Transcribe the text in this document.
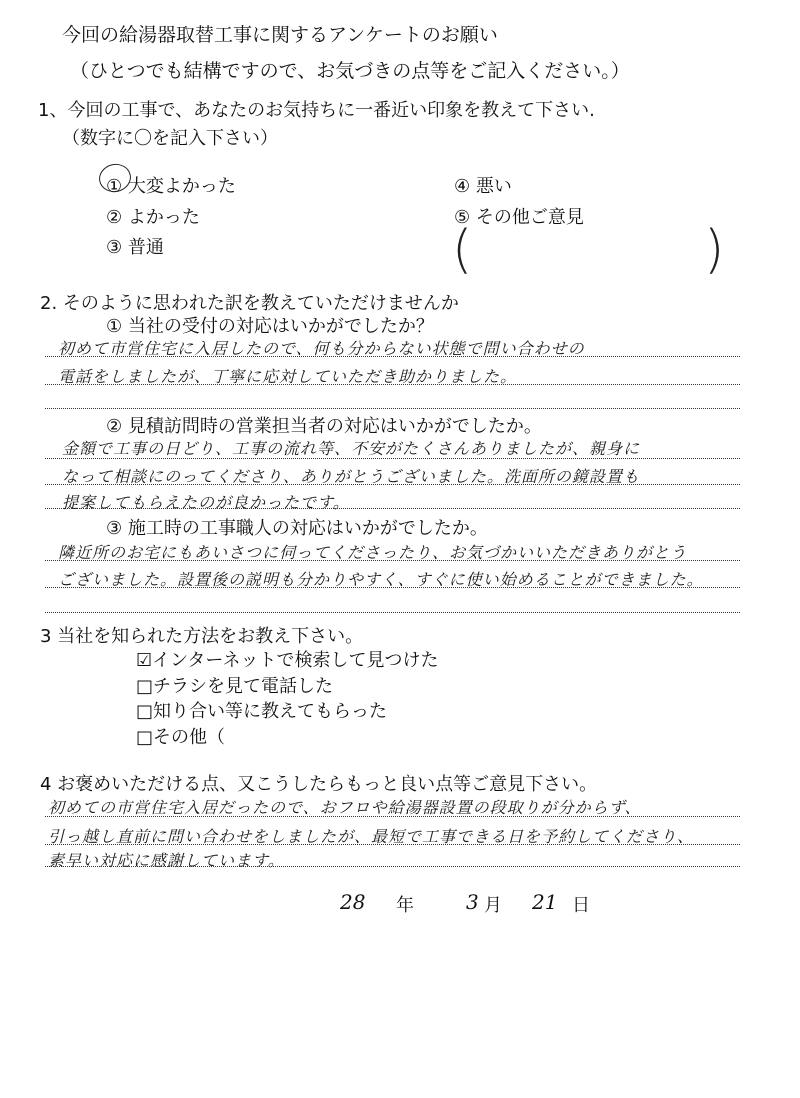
今回の給湯器取替工事に関するアンケートのお願い
（ひとつでも結構ですので、お気づきの点等をご記入ください。）
1、今回の工事で、あなたのお気持ちに一番近い印象を教えて下さい.
（数字に〇を記入下さい）
① 大変よかった
② よかった
③ 普通
④ 悪い
⑤ その他ご意見
(	)
2. そのように思われた訳を教えていただけませんか
① 当社の受付の対応はいかがでしたか？
初めて市営住宅に入居したので、何も分からない状態で問い合わせの
電話をしましたが、丁寧に応対していただき助かりました。
② 見積訪問時の営業担当者の対応はいかがでしたか。
金額で工事の日どり、工事の流れ等、不安がたくさんありましたが、親身に
なって相談にのってくださり、ありがとうございました。洗面所の鏡設置も
提案してもらえたのが良かったです。
③ 施工時の工事職人の対応はいかがでしたか。
隣近所のお宅にもあいさつに伺ってくださったり、お気づかいいただきありがとう
ございました。設置後の説明も分かりやすく、すぐに使い始めることができました。
3 当社を知られた方法をお教え下さい。
☑インターネットで検索して見つけた
□チラシを見て電話した
□知り合い等に教えてもらった
□その他（
4 お褒めいただける点、又こうしたらもっと良い点等ご意見下さい。
初めての市営住宅入居だったので、おフロや給湯器設置の段取りが分からず、
引っ越し直前に問い合わせをしましたが、最短で工事できる日を予約してくださり、
素早い対応に感謝しています。
28 年	3 月 21 日
